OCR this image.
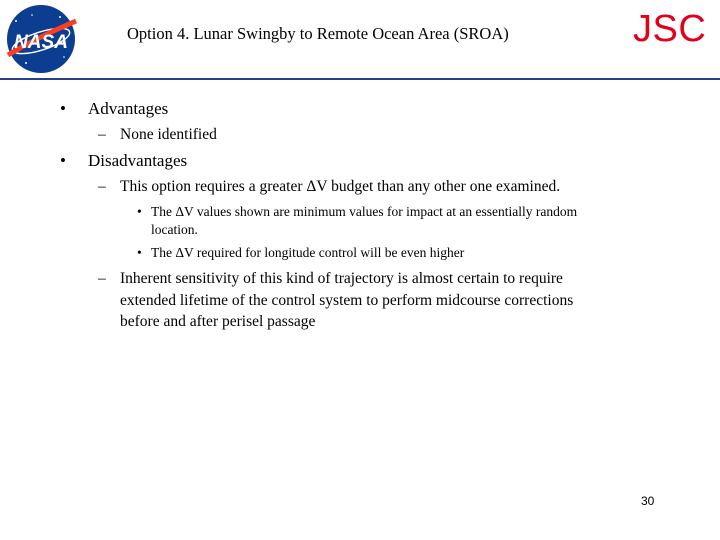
NASA	Option 4. Lunar Swingby to Remote Ocean Area (SROA)	JSC
• Advantages
– None identified
• Disadvantages
– This option requires a greater ΔV budget than any other one examined.
• The ΔV values shown are minimum values for impact at an essentially random
location.
• The ΔV required for longitude control will be even higher
– Inherent sensitivity of this kind of trajectory is almost certain to require
extended lifetime of the control system to perform midcourse corrections
before and after perisel passage
30
